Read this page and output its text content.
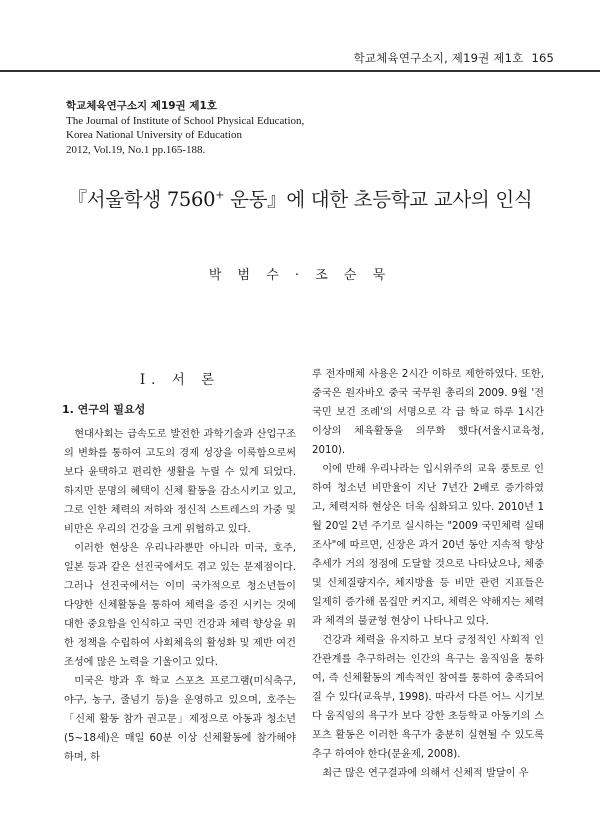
학교체육연구소지, 제19권 제1호 165
학교체육연구소지 제19권 제1호
The Journal of Institute of School Physical Education,
Korea National University of Education
2012, Vol.19, No.1 pp.165-188.
『서울학생 7560+ 운동』에 대한 초등학교 교사의 인식
박 범 수 · 조 순 묵
Ⅰ. 서 론
1. 연구의 필요성

현대사회는 급속도로 발전한 과학기술과 산업구조의 변화를 통하여 고도의 경제 성장을 이룩함으로써 보다 윤택하고 편리한 생활을 누릴 수 있게 되었다. 하지만 문명의 혜택이 신체 활동을 감소시키고 있고, 그로 인한 체력의 저하와 정신적 스트레스의 가중 및 비만은 우리의 건강을 크게 위협하고 있다.

이러한 현상은 우리나라뿐만 아니라 미국, 호주, 일본 등과 같은 선진국에서도 겪고 있는 문제점이다. 그러나 선진국에서는 이미 국가적으로 청소년들이 다양한 신체활동을 통하여 체력을 증진 시키는 것에 대한 중요함을 인식하고 국민 건강과 체력 향상을 위한 정책을 수립하여 사회체육의 활성화 및 제반 여건 조성에 많은 노력을 기울이고 있다.

미국은 방과 후 학교 스포츠 프로그램(미식축구, 야구, 농구, 줄넘기 등)을 운영하고 있으며, 호주는「신체 활동 참가 권고문」제정으로 아동과 청소년(5~18세)은 매일 60분 이상 신체활동에 참가해야 하며, 하

루 전자매체 사용은 2시간 이하로 제한하였다. 또한, 중국은 원자바오 중국 국무원 총리의 2009. 9월 '전국민 보건 조례'의 서명으로 각 급 학교 하루 1시간 이상의 체육활동을 의무화 했다(서울시교육청, 2010).

이에 반해 우리나라는 입시위주의 교육 풍토로 인하여 청소년 비만율이 지난 7년간 2배로 증가하였고, 체력저하 현상은 더욱 심화되고 있다. 2010년 1월 20일 2년 주기로 실시하는 "2009 국민체력 실태조사"에 따르면, 신장은 과거 20년 동안 지속적 향상 추세가 거의 정점에 도달할 것으로 나타났으나, 체중 및 신체질량지수, 체지방율 등 비만 관련 지표들은 일제히 증가해 몸집만 커지고, 체력은 약해지는 체력과 체격의 불균형 현상이 나타나고 있다.

건강과 체력을 유지하고 보다 긍정적인 사회적 인간관계를 추구하려는 인간의 욕구는 움직임을 통하여, 즉 신체활동의 계속적인 참여를 통하여 충족되어 질 수 있다(교육부, 1998). 따라서 다른 어느 시기보다 움직임의 욕구가 보다 강한 초등학교 아동기의 스포츠 활동은 이러한 욕구가 충분히 실현될 수 있도록 추구 하여야 한다(문윤제, 2008).

최근 많은 연구결과에 의해서 신체적 발달이 우
